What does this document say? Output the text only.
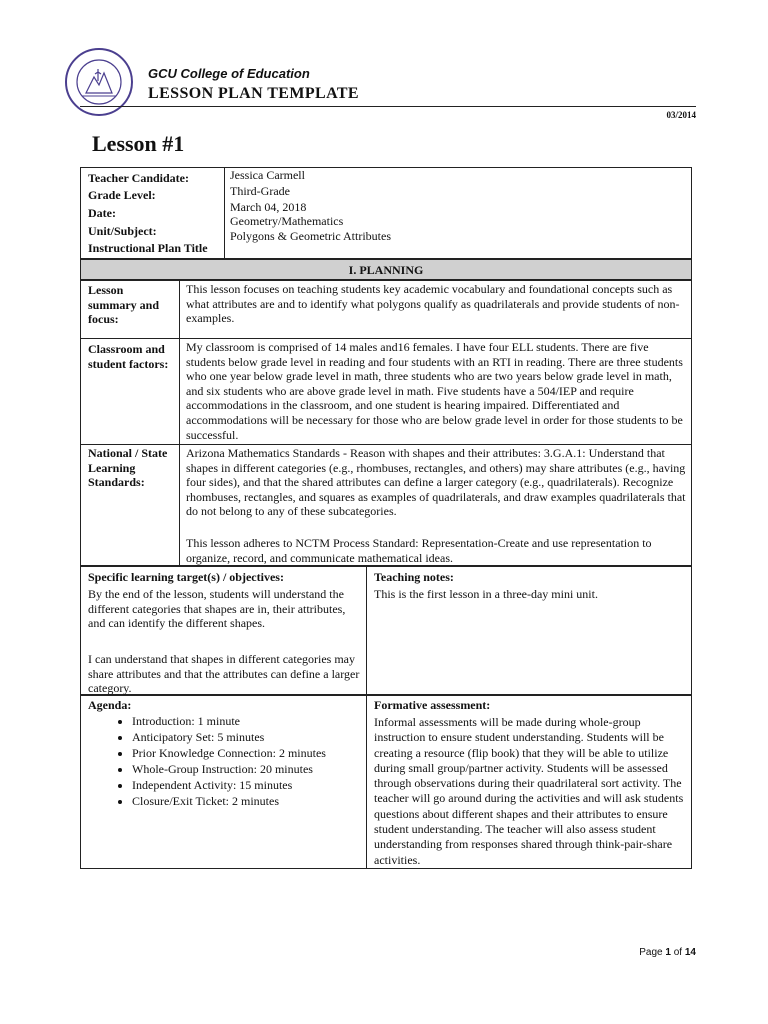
GCU College of Education
LESSON PLAN TEMPLATE
03/2014
Lesson #1
Teacher Candidate:
Grade Level:
Date:
Unit/Subject:
Instructional Plan Title
Jessica Carmell
Third-Grade
March 04, 2018
Geometry/Mathematics
Polygons & Geometric Attributes
I. PLANNING
Lesson summary and focus:
This lesson focuses on teaching students key academic vocabulary and foundational concepts such as what attributes are and to identify what polygons qualify as quadrilaterals and provide students of non-examples.
Classroom and student factors:
My classroom is comprised of 14 males and16 females. I have four ELL students. There are five students below grade level in reading and four students with an RTI in reading. There are three students who one year below grade level in math, three students who are two years below grade level in math, and six students who are above grade level in math. Five students have a 504/IEP and require accommodations in the classroom, and one student is hearing impaired. Differentiated and accommodations will be necessary for those who are below grade level in order for those students to be successful.
National / State Learning Standards:
Arizona Mathematics Standards - Reason with shapes and their attributes: 3.G.A.1: Understand that shapes in different categories (e.g., rhombuses, rectangles, and others) may share attributes (e.g., having four sides), and that the shared attributes can define a larger category (e.g., quadrilaterals). Recognize rhombuses, rectangles, and squares as examples of quadrilaterals, and draw examples quadrilaterals that do not belong to any of these subcategories.
This lesson adheres to NCTM Process Standard: Representation-Create and use representation to organize, record, and communicate mathematical ideas.
Specific learning target(s) / objectives:
By the end of the lesson, students will understand the different categories that shapes are in, their attributes, and can identify the different shapes.
I can understand that shapes in different categories may share attributes and that the attributes can define a larger category.
Teaching notes:
This is the first lesson in a three-day mini unit.
Agenda:
• Introduction: 1 minute
• Anticipatory Set: 5 minutes
• Prior Knowledge Connection: 2 minutes
• Whole-Group Instruction: 20 minutes
• Independent Activity: 15 minutes
• Closure/Exit Ticket: 2 minutes
Formative assessment:
Informal assessments will be made during whole-group instruction to ensure student understanding. Students will be creating a resource (flip book) that they will be able to utilize during small group/partner activity. Students will be assessed through observations during their quadrilateral sort activity. The teacher will go around during the activities and will ask students questions about different shapes and their attributes to ensure student understanding. The teacher will also assess student understanding from responses shared through think-pair-share activities.
Page 1 of 14
